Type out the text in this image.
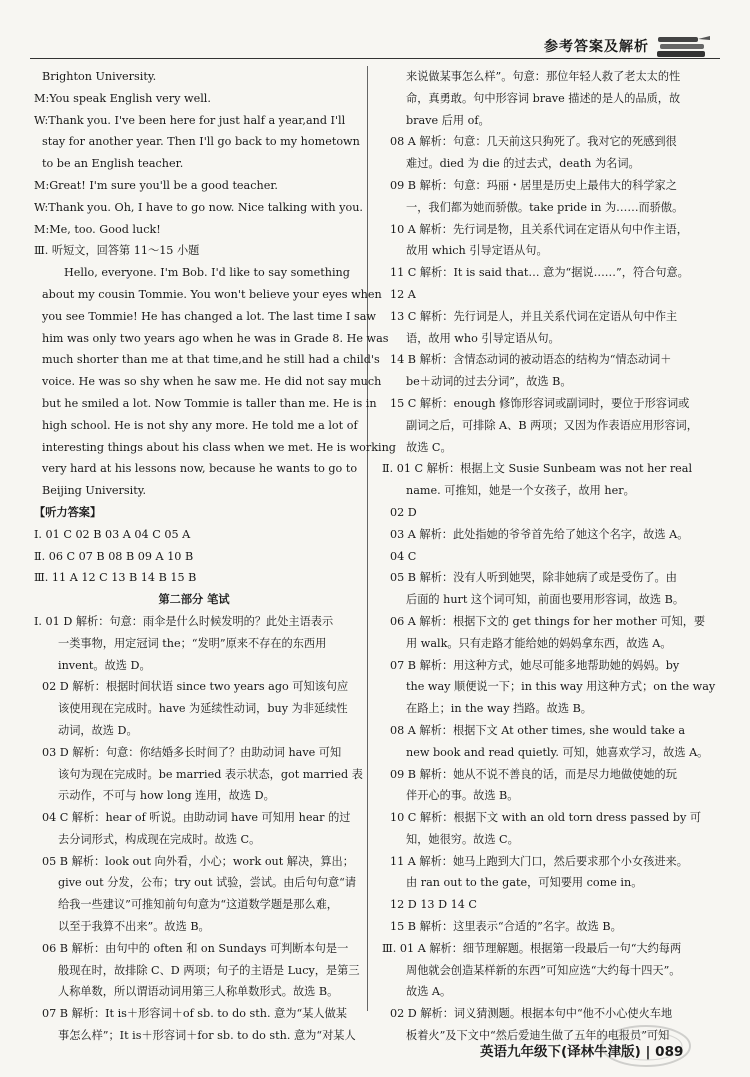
参考答案及解析
Brighton University.
M:You speak English very well.
W:Thank you. I've been here for just half a year,and I'll
stay for another year. Then I'll go back to my hometown
to be an English teacher.
M:Great! I'm sure you'll be a good teacher.
W:Thank you. Oh, I have to go now. Nice talking with you.
M:Me, too. Good luck!
Ⅲ. 听短文，回答第 11～15 小题
Hello, everyone. I'm Bob. I'd like to say something
about my cousin Tommie. You won't believe your eyes when
you see Tommie! He has changed a lot. The last time I saw
him was only two years ago when he was in Grade 8. He was
much shorter than me at that time,and he still had a child's
voice. He was so shy when he saw me. He did not say much
but he smiled a lot. Now Tommie is taller than me. He is in
high school. He is not shy any more. He told me a lot of
interesting things about his class when we met. He is working
very hard at his lessons now, because he wants to go to
Beijing University.
【听力答案】
Ⅰ. 01 C 02 B 03 A 04 C 05 A
Ⅱ. 06 C 07 B 08 B 09 A 10 B
Ⅲ. 11 A 12 C 13 B 14 B 15 B
第二部分 笔试
Ⅰ. 01 D 解析：句意：雨伞是什么时候发明的？此处主语表示
一类事物，用定冠词 the；“发明”原来不存在的东西用
invent。故选 D。
02 D 解析：根据时间状语 since two years ago 可知该句应
该使用现在完成时。have 为延续性动词，buy 为非延续性
动词，故选 D。
03 D 解析：句意：你结婚多长时间了？由助动词 have 可知
该句为现在完成时。be married 表示状态，got married 表
示动作，不可与 how long 连用，故选 D。
04 C 解析：hear of 听说。由助动词 have 可知用 hear 的过
去分词形式，构成现在完成时。故选 C。
05 B 解析：look out 向外看，小心；work out 解决，算出；
give out 分发，公布；try out 试验，尝试。由后句句意“请
给我一些建议”可推知前句句意为“这道数学题是那么难，
以至于我算不出来”。故选 B。
06 B 解析：由句中的 often 和 on Sundays 可判断本句是一
般现在时，故排除 C、D 两项；句子的主语是 Lucy，是第三
人称单数，所以谓语动词用第三人称单数形式。故选 B。
07 B 解析：It is＋形容词＋of sb. to do sth. 意为“某人做某
事怎么样”；It is＋形容词＋for sb. to do sth. 意为“对某人
来说做某事怎么样”。句意：那位年轻人救了老太太的性
命，真勇敢。句中形容词 brave 描述的是人的品质，故
brave 后用 of。
08 A 解析：句意：几天前这只狗死了。我对它的死感到很
难过。died 为 die 的过去式，death 为名词。
09 B 解析：句意：玛丽・居里是历史上最伟大的科学家之
一，我们都为她而骄傲。take pride in 为……而骄傲。
10 A 解析：先行词是物，且关系代词在定语从句中作主语，
故用 which 引导定语从句。
11 C 解析：It is said that… 意为“据说……”，符合句意。
12 A
13 C 解析：先行词是人，并且关系代词在定语从句中作主
语，故用 who 引导定语从句。
14 B 解析：含情态动词的被动语态的结构为“情态动词＋
be＋动词的过去分词”，故选 B。
15 C 解析：enough 修饰形容词或副词时，要位于形容词或
副词之后，可排除 A、B 两项；又因为作表语应用形容词，
故选 C。
Ⅱ. 01 C 解析：根据上文 Susie Sunbeam was not her real
name. 可推知，她是一个女孩子，故用 her。
02 D
03 A 解析：此处指她的爷爷首先给了她这个名字，故选 A。
04 C
05 B 解析：没有人听到她哭，除非她病了或是受伤了。由
后面的 hurt 这个词可知，前面也要用形容词，故选 B。
06 A 解析：根据下文的 get things for her mother 可知，要
用 walk。只有走路才能给她的妈妈拿东西，故选 A。
07 B 解析：用这种方式，她尽可能多地帮助她的妈妈。by
the way 顺便说一下；in this way 用这种方式；on the way
在路上；in the way 挡路。故选 B。
08 A 解析：根据下文 At other times, she would take a
new book and read quietly. 可知，她喜欢学习，故选 A。
09 B 解析：她从不说不善良的话，而是尽力地做使她的玩
伴开心的事。故选 B。
10 C 解析：根据下文 with an old torn dress passed by 可
知，她很穷。故选 C。
11 A 解析：她马上跑到大门口，然后要求那个小女孩进来。
由 ran out to the gate，可知要用 come in。
12 D 13 D 14 C
15 B 解析：这里表示“合适的”名字。故选 B。
Ⅲ. 01 A 解析：细节理解题。根据第一段最后一句“大约每两
周他就会创造某样新的东西”可知应选“大约每十四天”。
故选 A。
02 D 解析：词义猜测题。根据本句中“他不小心使火车地
板着火”及下文中“然后爱迪生做了五年的电报员”可知
英语九年级下(译林牛津版) | 089
